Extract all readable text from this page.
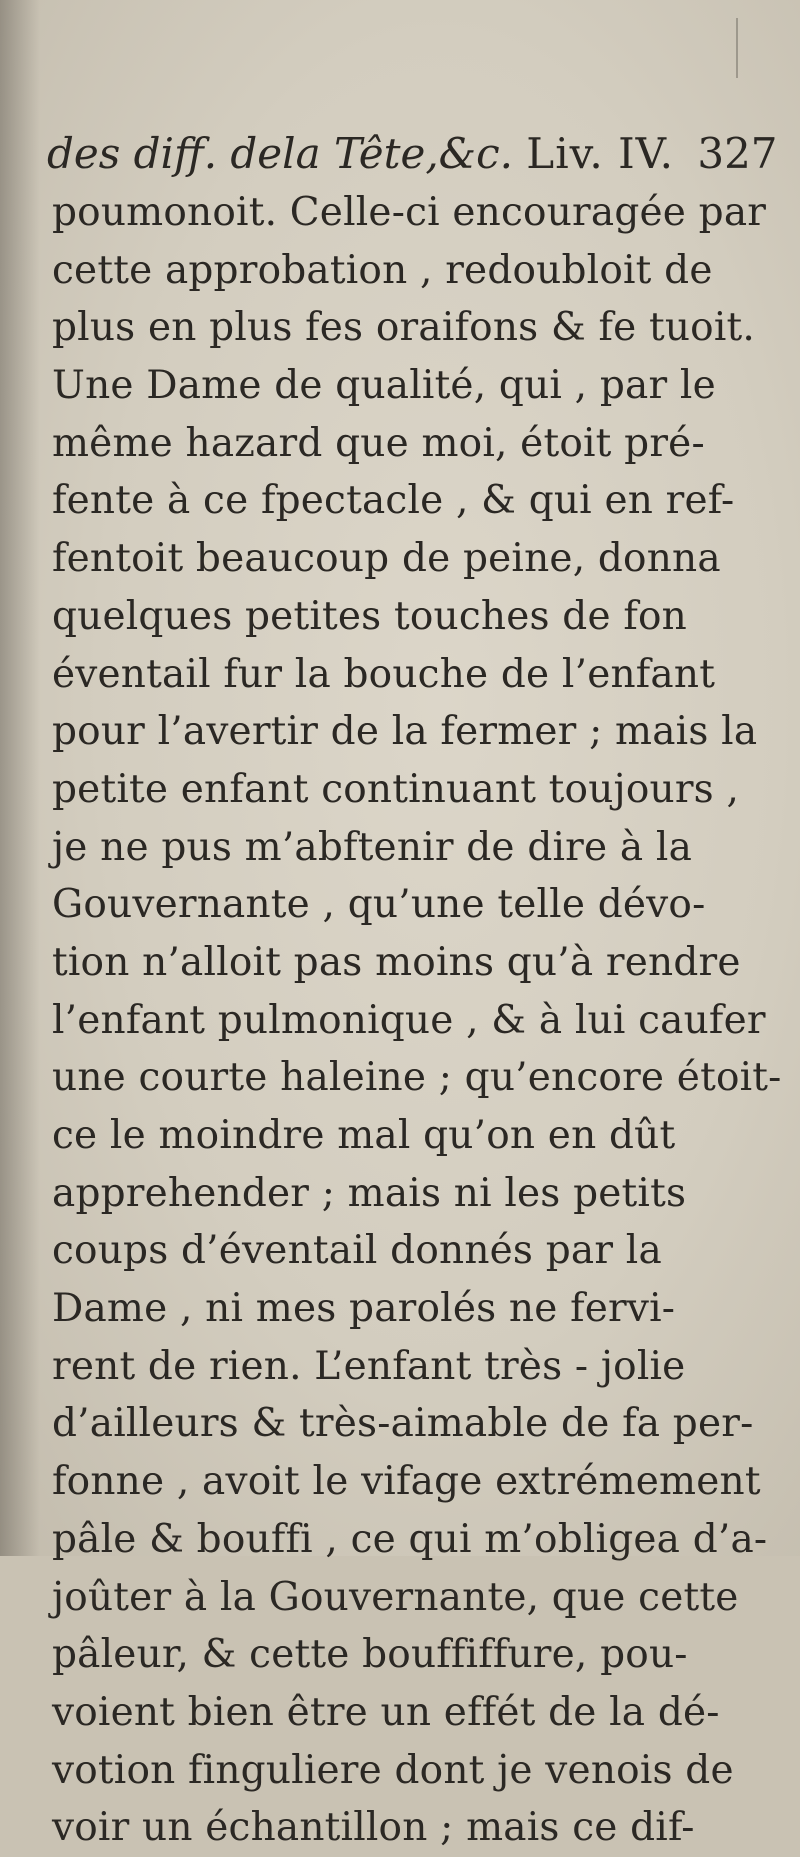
des diff. dela Tête,&c. Liv. IV. 327
poumonoit. Celle-ci encouragée par
cette approbation , redoubloit de
plus en plus fes oraifons & fe tuoit.
Une Dame de qualité, qui , par le
même hazard que moi, étoit pré-
fente à ce fpectacle , & qui en ref-
fentoit beaucoup de peine, donna
quelques petites touches de fon
éventail fur la bouche de l’enfant
pour l’avertir de la fermer ; mais la
petite enfant continuant toujours ,
je ne pus m’abftenir de dire à la
Gouvernante , qu’une telle dévo-
tion n’alloit pas moins qu’à rendre
l’enfant pulmonique , & à lui caufer
une courte haleine ; qu’encore étoit-
ce le moindre mal qu’on en dût
apprehender ; mais ni les petits
coups d’éventail donnés par la
Dame , ni mes parolés ne fervi-
rent de rien. L’enfant très - jolie
d’ailleurs & très-aimable de fa per-
fonne , avoit le vifage extrémement
pâle & bouffi , ce qui m’obligea d’a-
joûter à la Gouvernante, que cette
pâleur, & cette bouffiffure, pou-
voient bien être un effét de la dé-
votion finguliere dont je venois de
voir un échantillon ; mais ce dif-
